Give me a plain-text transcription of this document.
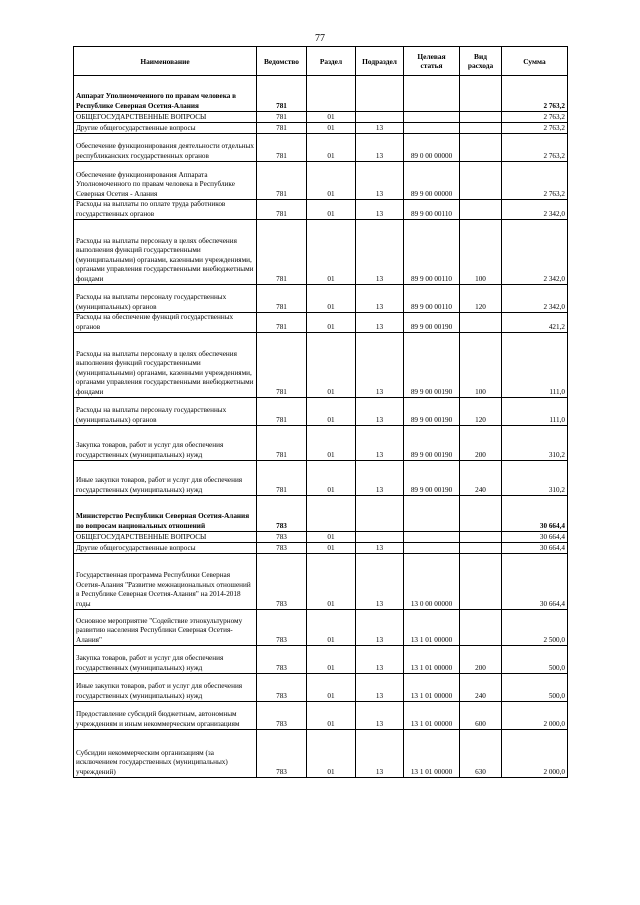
77
Наименование	Ведомство	Раздел	Подраздел	Целевая статья	Вид расхода	Сумма
Аппарат Уполномоченного по правам человека в Республике Северная Осетия-Алания	781					2 763,2
ОБЩЕГОСУДАРСТВЕННЫЕ ВОПРОСЫ	781	01				2 763,2
Другие общегосударственные вопросы	781	01	13			2 763,2
Обеспечение функционирования деятельности отдельных республиканских государственных органов	781	01	13	89 0 00 00000		2 763,2
Обеспечение функционирования Аппарата Уполномоченного по правам человека в Республике Северная Осетия - Алания	781	01	13	89 9 00 00000		2 763,2
Расходы на выплаты по оплате труда работников государственных органов	781	01	13	89 9 00 00110		2 342,0
Расходы на выплаты персоналу в целях обеспечения выполнения функций государственными (муниципальными) органами, казенными учреждениями, органами управления государственными внебюджетными фондами	781	01	13	89 9 00 00110	100	2 342,0
Расходы на выплаты персоналу государственных (муниципальных) органов	781	01	13	89 9 00 00110	120	2 342,0
Расходы на обеспечение функций государственных органов	781	01	13	89 9 00 00190		421,2
Расходы на выплаты персоналу в целях обеспечения выполнения функций государственными (муниципальными) органами, казенными учреждениями, органами управления государственными внебюджетными фондами	781	01	13	89 9 00 00190	100	111,0
Расходы на выплаты персоналу государственных (муниципальных) органов	781	01	13	89 9 00 00190	120	111,0
Закупка товаров, работ и услуг для обеспечения государственных (муниципальных) нужд	781	01	13	89 9 00 00190	200	310,2
Иные закупки товаров, работ и услуг для обеспечения государственных (муниципальных) нужд	781	01	13	89 9 00 00190	240	310,2
Министерство Республики Северная Осетия-Алания по вопросам национальных отношений	783					30 664,4
ОБЩЕГОСУДАРСТВЕННЫЕ ВОПРОСЫ	783	01				30 664,4
Другие общегосударственные вопросы	783	01	13			30 664,4
Государственная программа Республики Северная Осетия-Алания "Развитие межнациональных отношений в Республике Северная Осетия-Алания" на 2014-2018 годы	783	01	13	13 0 00 00000		30 664,4
Основное мероприятие "Содействие этнокультурному развитию населения Республики Северная Осетия-Алания"	783	01	13	13 1 01 00000		2 500,0
Закупка товаров, работ и услуг для обеспечения государственных (муниципальных) нужд	783	01	13	13 1 01 00000	200	500,0
Иные закупки товаров, работ и услуг для обеспечения государственных (муниципальных) нужд	783	01	13	13 1 01 00000	240	500,0
Предоставление субсидий бюджетным, автономным учреждениям и иным некоммерческим организациям	783	01	13	13 1 01 00000	600	2 000,0
Субсидии некоммерческим организациям (за исключением государственных (муниципальных) учреждений)	783	01	13	13 1 01 00000	630	2 000,0
